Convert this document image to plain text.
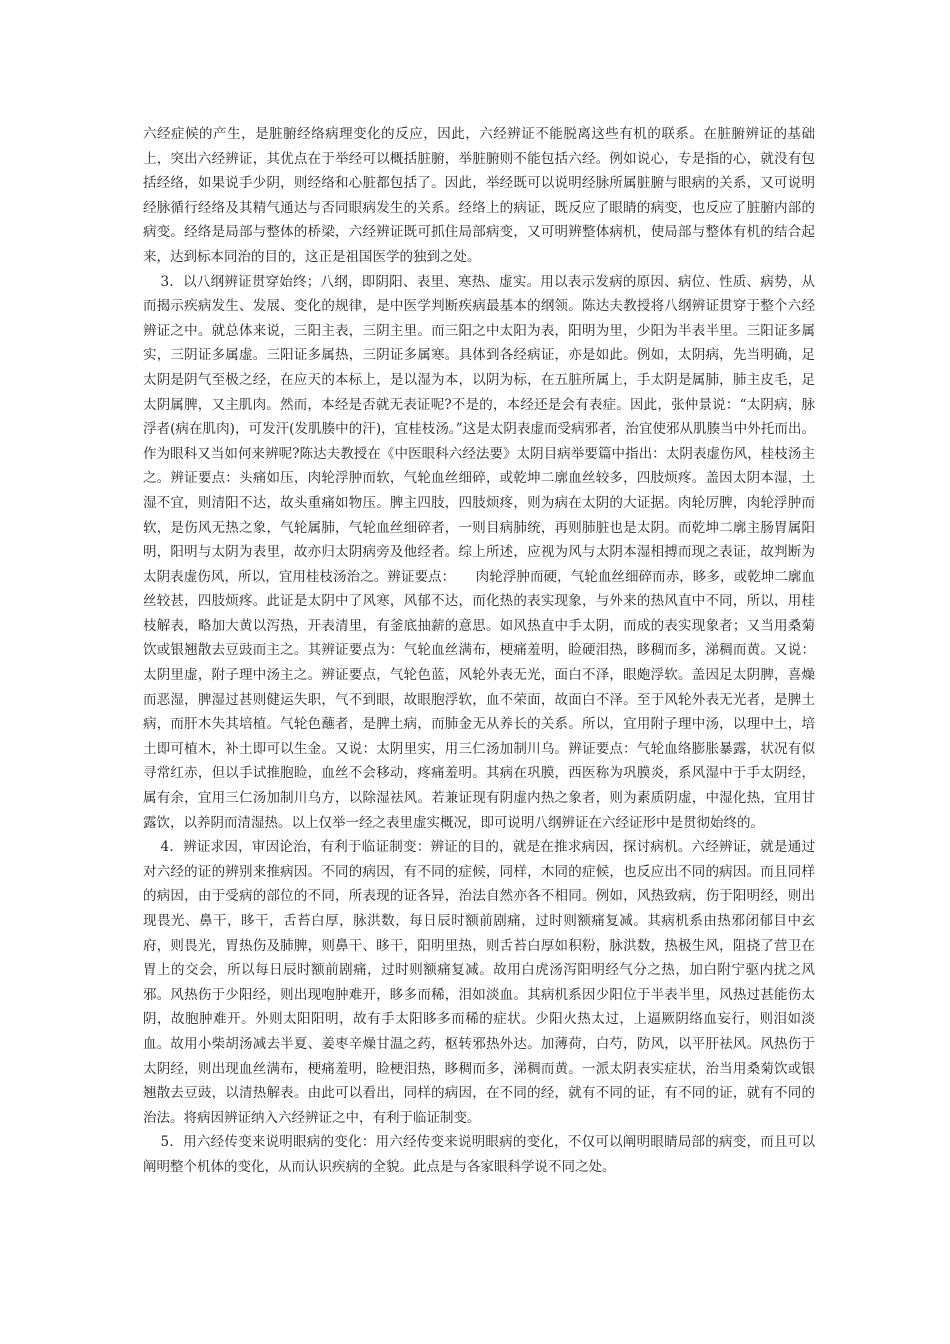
六经症候的产生，是脏腑经络病理变化的反应，因此，六经辨证不能脱离这些有机的联系。在脏腑辨证的基础上，突出六经辨证，其优点在于举经可以概括脏腑，举脏腑则不能包括六经。例如说心，专是指的心，就没有包括经络，如果说手少阴，则经络和心脏都包括了。因此，举经既可以说明经脉所属脏腑与眼病的关系，又可说明经脉循行经络及其精气通达与否同眼病发生的关系。经络上的病证，既反应了眼睛的病变，也反应了脏腑内部的病变。经络是局部与整体的桥梁，六经辨证既可抓住局部病变，又可明辨整体病机，使局部与整体有机的结合起来，达到标本同治的目的，这正是祖国医学的独到之处。

3．以八纲辨证贯穿始终；八纲，即阴阳、表里、寒热、虚实。用以表示发病的原因、病位、性质、病势，从而揭示疾病发生、发展、变化的规律，是中医学判断疾病最基本的纲领。陈达夫教授将八纲辨证贯穿于整个六经辨证之中。就总体来说，三阳主表，三阴主里。而三阳之中太阳为表，阳明为里，少阳为半表半里。三阳证多属实，三阴证多属虚。三阳证多属热，三阴证多属寒。具体到各经病证，亦是如此。例如，太阴病，先当明确，足太阴是阴气至极之经，在应天的本标上，是以湿为本，以阴为标，在五脏所属上，手太阴是属肺，肺主皮毛，足太阴属脾，又主肌肉。然而，本经是否就无表证呢?不是的，本经还是会有表症。因此，张仲景说：“太阴病，脉浮者(病在肌肉)，可发汗(发肌腠中的汗)，宜桂枝汤。”这是太阴表虚而受病邪者，治宜使邪从肌腠当中外托而出。作为眼科又当如何来辨呢?陈达夫教授在《中医眼科六经法要》太阴目病举要篇中指出：太阴表虚伤风，桂枝汤主之。辨证要点：头痛如压，肉轮浮肿而软，气轮血丝细碎，或乾坤二廓血丝较多，四肢烦疼。盖因太阴本湿，土湿不宜，则清阳不达，故头重痛如物压。脾主四肢，四肢烦疼，则为病在太阴的大证据。肉轮厉脾，肉轮浮肿而软，是伤风无热之象，气轮属肺，气轮血丝细碎者，一则目病肺统，再则肺脏也是太阴。而乾坤二廓主肠胃属阳明，阳明与太阴为表里，故亦归太阴病旁及他经者。综上所述，应视为风与太阴本湿相搏而现之表证，故判断为太阴表虚伤风，所以，宜用桂枝汤治之。辨证要点：　　肉轮浮肿而硬，气轮血丝细碎而赤，眵多，或乾坤二廓血丝较甚，四肢烦疼。此证是太阴中了风寒，风郁不达，而化热的表实现象，与外来的热风直中不同，所以，用桂枝解表，略加大黄以泻热，开表清里，有釜底抽薪的意思。如风热直中手太阴，而成的表实现象者；又当用桑菊饮或银翘散去豆豉而主之。其辨证要点为：气轮血丝满布，梗痛羞明，睑硬泪热，眵稠而多，涕稠而黄。又说：太阴里虚，附子理中汤主之。辨证要点，气轮色蓝，风轮外表无光，面白不泽，眼皰浮软。盖因足太阴脾，喜燥而恶湿，脾湿过甚则健运失职，气不到眼，故眼胞浮软，血不荣面，故面白不泽。至于风轮外表无光者，是脾土病，而肝木失其培植。气轮色蘸者，是脾土病，而肺金无从养长的关系。所以，宜用附子理中汤，以理中土，培土即可植木，补土即可以生金。又说：太阴里实，用三仁汤加制川乌。辨证要点：气轮血络膨胀暴露，状况有似寻常红赤，但以手试推胞睑，血丝不会移动，疼痛羞明。其病在巩膜，西医称为巩膜炎，系风湿中于手太阴经，属有余，宜用三仁汤加制川乌方，以除湿祛风。若兼证现有阴虚内热之象者，则为素质阴虚，中湿化热，宜用甘露饮，以养阴而清湿热。以上仅举一经之表里虚实概况，即可说明八纲辨证在六经证形中是贯彻始终的。

4．辨证求因，审因论治，有利于临证制变：辨证的目的，就是在推求病因，探讨病机。六经辨证，就是通过对六经的证的辨别来推病因。不同的病因，有不同的症候，同样，木同的症候，也反应出不同的病因。而且同样的病因，由于受病的部位的不同，所表现的证各异，治法自然亦各不相同。例如，风热致病，伤于阳明经，则出现畏光、鼻干，眵干，舌苔白厚，脉洪数，每日辰时额前剧痛，过时则额痛复减。其病机系由热邪闭郁目中玄府，则畏光，胃热伤及肺脾，则鼻干、眵干，阳明里热，则舌苔白厚如积粉，脉洪数，热极生风，阻挠了营卫在胃上的交会，所以每日辰时额前剧痛，过时则额痛复减。故用白虎汤泻阳明经气分之热，加白附宁驱内扰之风邪。风热伤于少阳经，则出现咆肿难开，眵多而稀，泪如淡血。其病机系因少阳位于半表半里，风热过甚能伤太阴，故胞肿难开。外则太阳阳明，故有手太阳眵多而稀的症状。少阳火热太过，上逼厥阴络血妄行，则泪如淡血。故用小柴胡汤减去半夏、姜枣辛燥甘温之药，枢转邪热外达。加薄荷，白芍，防风，以平肝祛风。风热伤于太阴经，则出现血丝满布，梗痛羞明，睑梗泪热，眵稠而多，涕稠而黄。一派太阴表实症状，治当用桑菊饮或银翘散去豆豉，以清热解表。由此可以看出，同样的病因，在不同的经，就有不同的证，有不同的证，就有不同的治法。将病因辨证纳入六经辨证之中，有利于临证制变。

5．用六经传变来说明眼病的变化：用六经传变来说明眼病的变化，不仅可以阐明眼睛局部的病变，而且可以阐明整个机体的变化，从而认识疾病的全貌。此点是与各家眼科学说不同之处。
